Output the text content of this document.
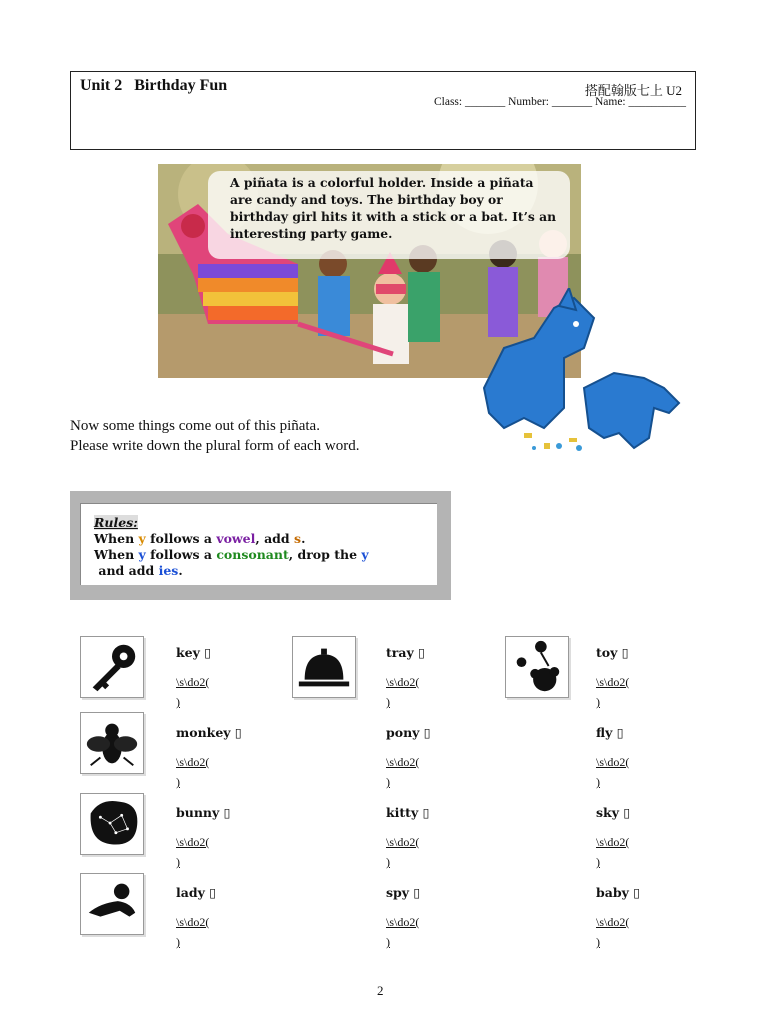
Unit 2   Birthday Fun	搭配翰版七上 U2
Class: _______ Number: _______ Name: __________
A piñata is a colorful holder. Inside a piñata are candy and toys. The birthday boy or birthday girl hits it with a stick or a bat. It’s an interesting party game.
Now some things come out of this piñata.
Please write down the plural form of each word.
Rules:
When y follows a vowel, add s.
When y follows a consonant, drop the y and add ies.
key ▯
\s\do2(
)
tray ▯
\s\do2(
)
toy ▯
\s\do2(
)
monkey ▯
\s\do2(
)
pony ▯
\s\do2(
)
fly ▯
\s\do2(
)
bunny ▯
\s\do2(
)
kitty ▯
\s\do2(
)
sky ▯
\s\do2(
)
lady ▯
\s\do2(
)
spy ▯
\s\do2(
)
baby ▯
\s\do2(
)
2
